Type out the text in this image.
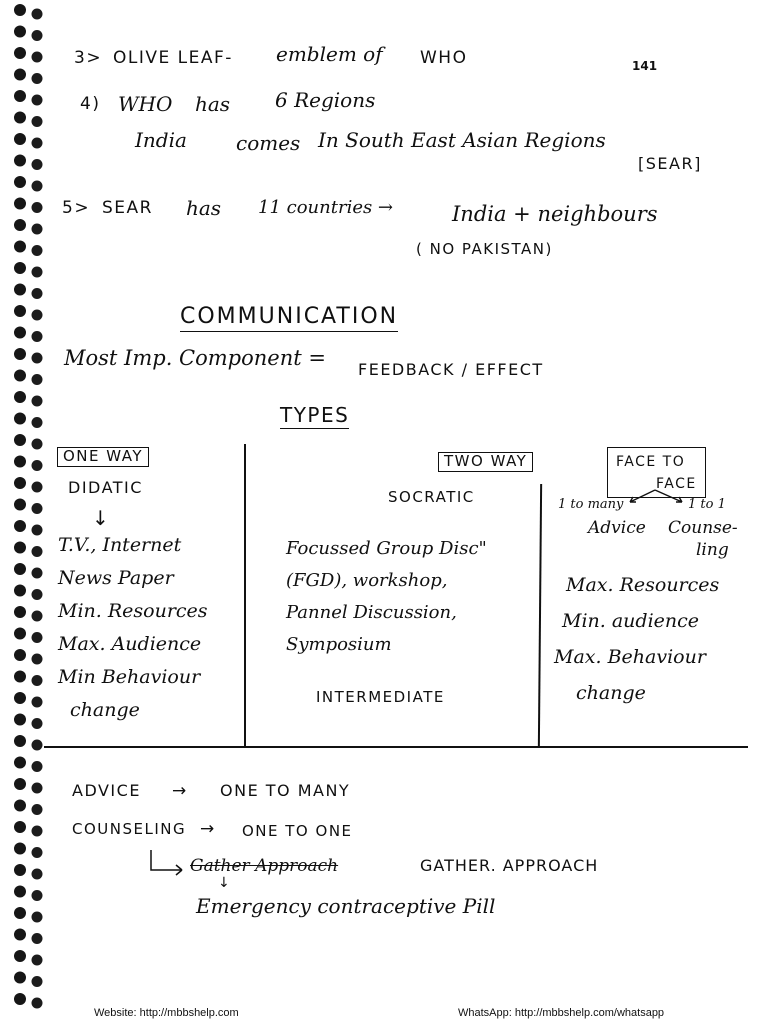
141
3> OLIVE LEAF- emblem of WHO
4) WHO has 6 Regions
India comes In South East Asian Regions
[SEAR]
5> SEAR has 11 countries →	India + neighbours
( NO PAKISTAN)
COMMUNICATION
Most Imp. Component = FEEDBACK / EFFECT
TYPES
ONE WAY
DIDATIC
↓
T.V., Internet
News Paper
Min. Resources
Max. Audience
Min Behaviour
change
TWO WAY
SOCRATIC
Focussed Group Disc"
(FGD), workshop,
Pannel Discussion,
Symposium
INTERMEDIATE
FACE TO
FACE
1 to many	1 to 1
Advice Counse-
ling
Max. Resources
Min. audience
Max. Behaviour
change
ADVICE → ONE TO MANY
COUNSELING → ONE TO ONE
Gather Approach	GATHER. APPROACH
↓
Emergency contraceptive Pill
Website: http://mbbshelp.com	WhatsApp: http://mbbshelp.com/whatsapp
